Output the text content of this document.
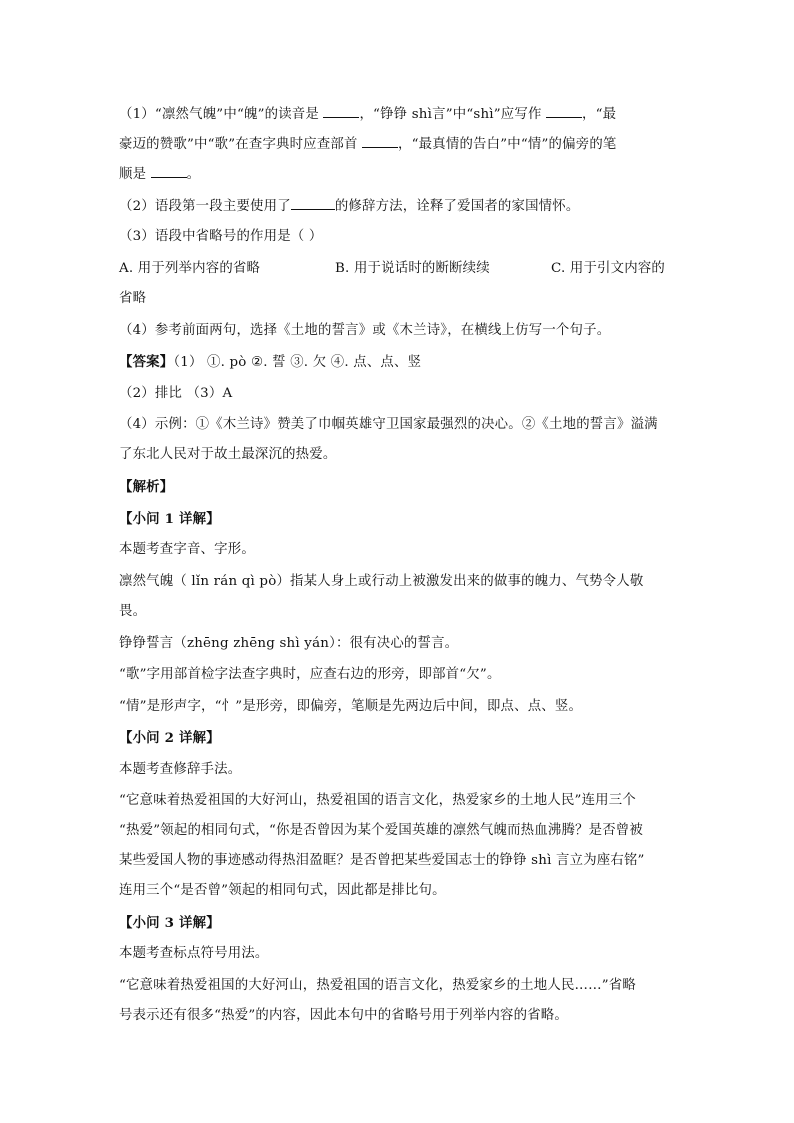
（1）“凛然气魄”中“魄”的读音是	，“铮铮 shì言”中“shì”应写作	，“最
豪迈的赞歌”中“歌”在查字典时应查部首	，“最真情的告白”中“情”的偏旁的笔
顺是	。
（2）语段第一段主要使用了	的修辞方法，诠释了爱国者的家国情怀。
（3）语段中省略号的作用是（ ）
A. 用于列举内容的省略	B. 用于说话时的断断续续	C. 用于引文内容的
省略
（4）参考前面两句，选择《土地的誓言》或《木兰诗》，在横线上仿写一个句子。
【答案】（1） ①. pò ②. 誓 ③. 欠 ④. 点、点、竖
（2）排比 （3）A
（4）示例：①《木兰诗》赞美了巾帼英雄守卫国家最强烈的决心。②《土地的誓言》溢满
了东北人民对于故土最深沉的热爱。
【解析】
【小问 1 详解】
本题考查字音、字形。
凛然气魄（ lǐn rán qì pò）指某人身上或行动上被激发出来的做事的魄力、气势令人敬
畏。
铮铮誓言（zhēng zhēng shì yán）：很有决心的誓言。
“歌”字用部首检字法查字典时，应查右边的形旁，即部首“欠”。
“情”是形声字，“忄”是形旁，即偏旁，笔顺是先两边后中间，即点、点、竖。
【小问 2 详解】
本题考查修辞手法。
“它意味着热爱祖国的大好河山，热爱祖国的语言文化，热爱家乡的土地人民”连用三个
“热爱”领起的相同句式，“你是否曾因为某个爱国英雄的凛然气魄而热血沸腾？是否曾被
某些爱国人物的事迹感动得热泪盈眶？是否曾把某些爱国志士的铮铮 shì 言立为座右铭”
连用三个“是否曾”领起的相同句式，因此都是排比句。
【小问 3 详解】
本题考查标点符号用法。
“它意味着热爱祖国的大好河山，热爱祖国的语言文化，热爱家乡的土地人民……”省略
号表示还有很多“热爱”的内容，因此本句中的省略号用于列举内容的省略。
